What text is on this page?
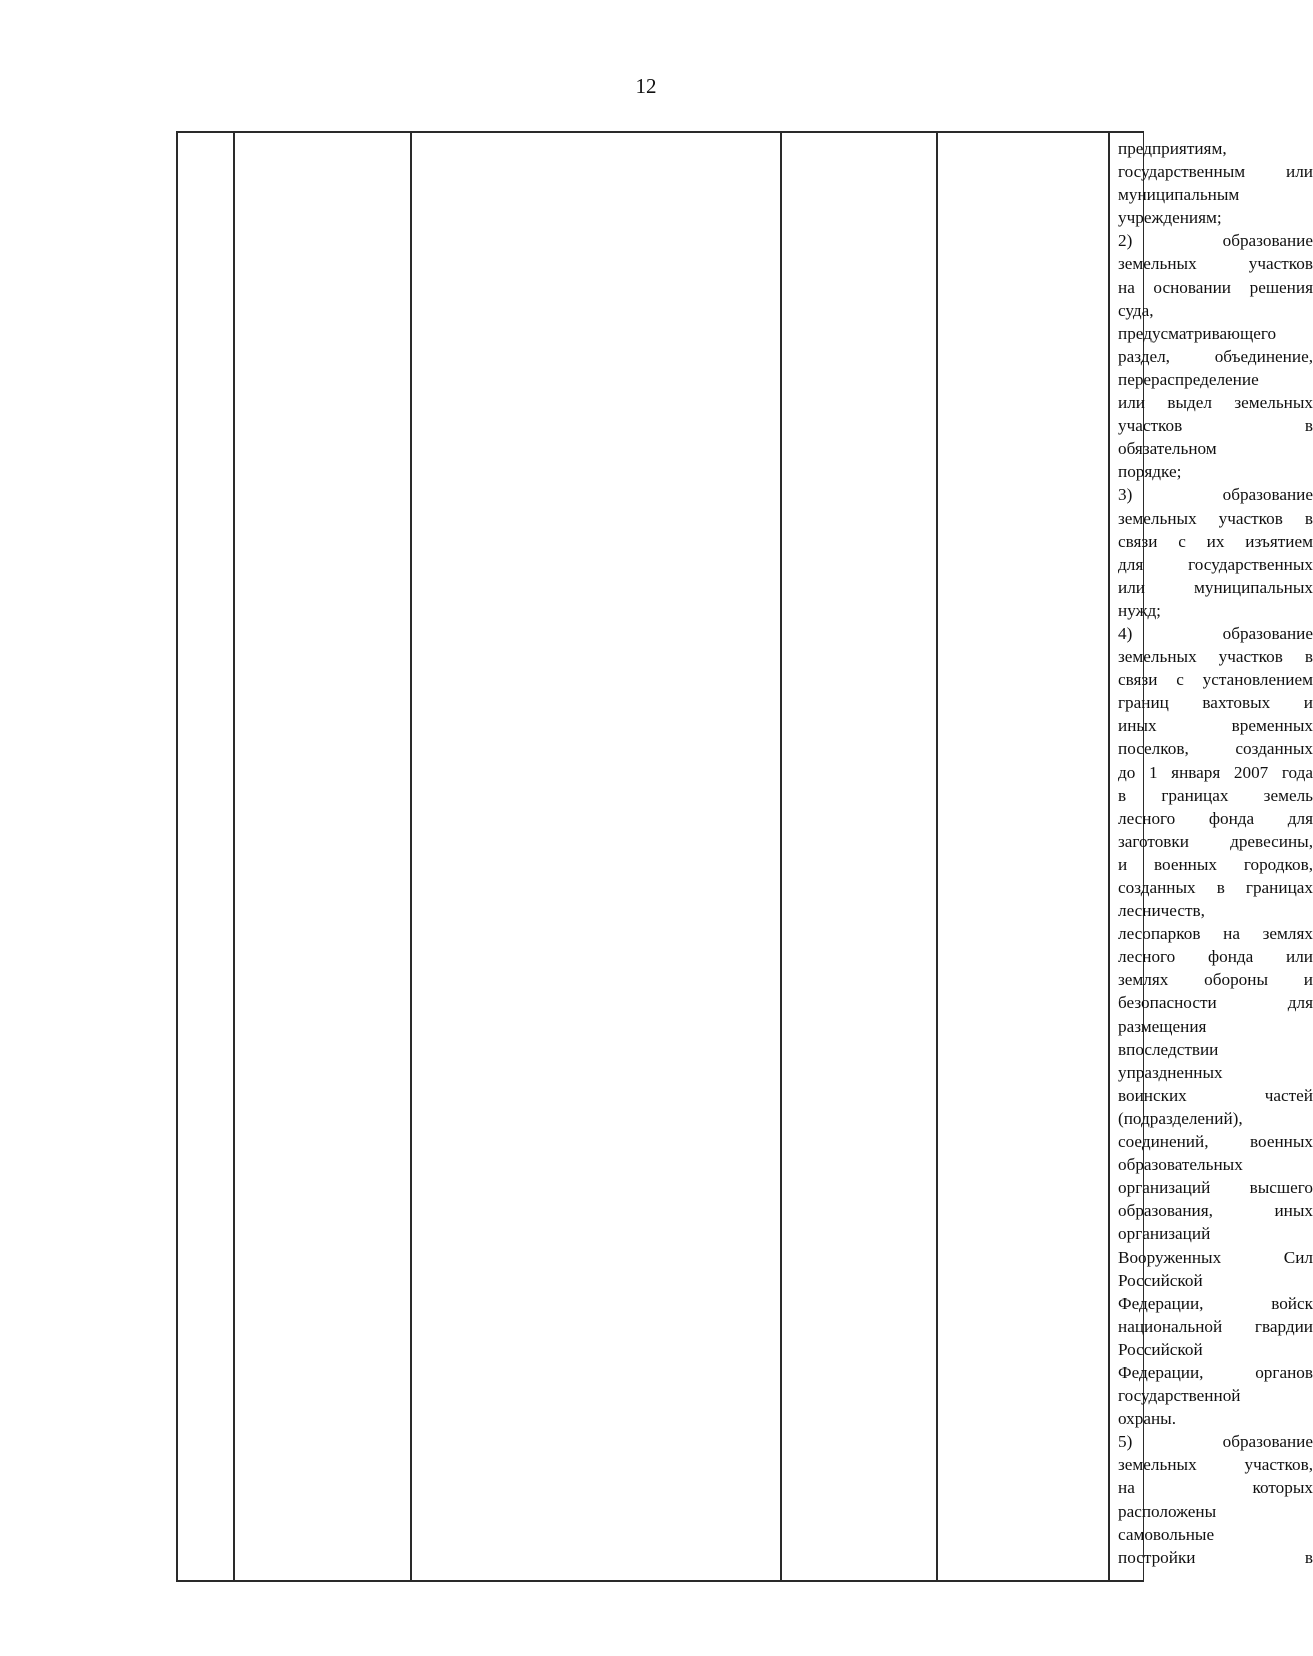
12
предприятиям,
государственным или
муниципальным
учреждениям;
2) образование
земельных участков
на основании решения
суда,
предусматривающего
раздел, объединение,
перераспределение
или выдел земельных
участков в
обязательном
порядке;
3) образование
земельных участков в
связи с их изъятием
для государственных
или муниципальных
нужд;
4) образование
земельных участков в
связи с установлением
границ вахтовых и
иных временных
поселков, созданных
до 1 января 2007 года
в границах земель
лесного фонда для
заготовки древесины,
и военных городков,
созданных в границах
лесничеств,
лесопарков на землях
лесного фонда или
землях обороны и
безопасности для
размещения
впоследствии
упраздненных
воинских частей
(подразделений),
соединений, военных
образовательных
организаций высшего
образования, иных
организаций
Вооруженных Сил
Российской
Федерации, войск
национальной гвардии
Российской
Федерации, органов
государственной
охраны.
5) образование
земельных участков,
на которых
расположены
самовольные
постройки в
